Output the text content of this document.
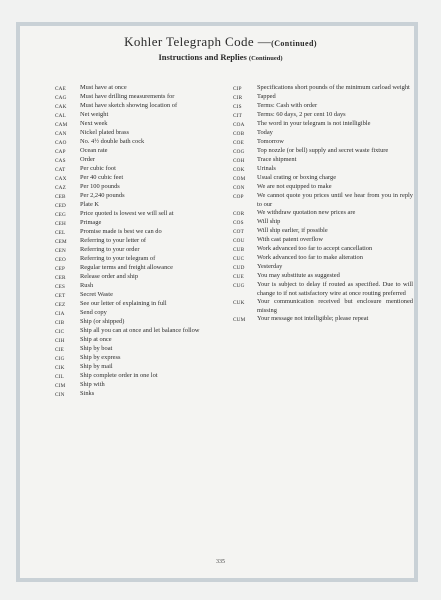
Kohler Telegraph Code —(Continued)
Instructions and Replies (Continued)
CAE	Must have at once
CAG	Must have drilling measurements for
CAK	Must have sketch showing location of
CAL	Net weight
CAM	Next week
CAN	Nickel plated brass
CAO	No. 4½ double bath cock
CAP	Ocean rate
CAS	Order
CAT	Per cubic foot
CAX	Per 40 cubic feet
CAZ	Per 100 pounds
CEB	Per 2,240 pounds
CED	Plate K
CEG	Price quoted is lowest we will sell at
CEH	Primage
CEL	Promise made is best we can do
CEM	Referring to your letter of
CEN	Referring to your order
CEO	Referring to your telegram of
CEP	Regular terms and freight allowance
CER	Release order and ship
CES	Rush
CET	Secret Waste
CEZ	See our letter of explaining in full
CIA	Send copy
CIB	Ship (or shipped)
CIC	Ship all you can at once and let balance follow
CIH	Ship at once
CIE	Ship by boat
CIG	Ship by express
CIK	Ship by mail
CIL	Ship complete order in one lot
CIM	Ship with
CIN	Sinks
CIP	Specifications short pounds of the minimum carload weight
CIR	Tapped
CIS	Terms: Cash with order
CIT	Terms: 60 days, 2 per cent 10 days
COA	The word in your telegram is not intelligible
COB	Today
COE	Tomorrow
COG	Top nozzle (or bell) supply and secret waste fixture
COH	Trace shipment
COK	Urinals
COM	Usual crating or boxing charge
CON	We are not equipped to make
COP	We cannot quote you prices until we hear from you in reply to our
COR	We withdraw quotation new prices are
COS	Will ship
COT	Will ship earlier, if possible
COU	With cast patent overflow
CUB	Work advanced too far to accept cancellation
CUC	Work advanced too far to make alteration
CUD	Yesterday
CUE	You may substitute as suggested
CUG	Your is subject to delay if routed as specified. Due to will change to if not satisfactory wire at once routing preferred
CUK	Your communication received but enclosure mentioned missing
CUM	Your message not intelligible; please repeat
335
